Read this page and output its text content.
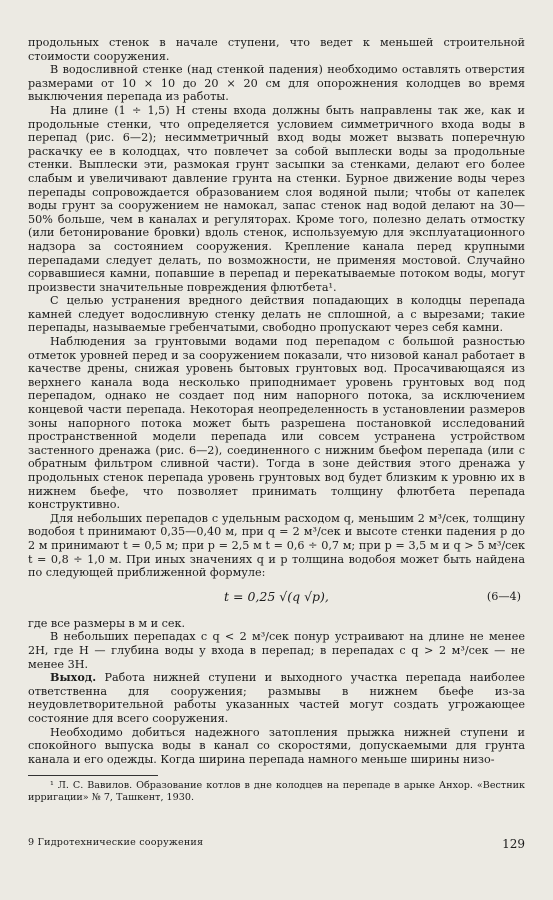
продольных стенок в начале ступени, что ведет к меньшей строительной стоимости сооружения.

В водосливной стенке (над стенкой падения) необходимо оставлять отверстия размерами от 10 × 10 до 20 × 20 см для опорожнения колодцев во время выключения перепада из работы.

На длине (1 ÷ 1,5) H стены входа должны быть направлены так же, как и продольные стенки, что определяется условием симметричного входа воды в перепад (рис. 6—2); несимметричный вход воды может вызвать поперечную раскачку ее в колодцах, что повлечет за собой выплески воды за продольные стенки. Выплески эти, размокая грунт засыпки за стенками, делают его более слабым и увеличивают давление грунта на стенки. Бурное движение воды через перепады сопровождается образованием слоя водяной пыли; чтобы от капелек воды грунт за сооружением не намокал, запас стенок над водой делают на 30—50% больше, чем в каналах и регуляторах. Кроме того, полезно делать отмостку (или бетонирование бровки) вдоль стенок, используемую для эксплуатационного надзора за состоянием сооружения. Крепление канала перед крупными перепадами следует делать, по возможности, не применяя мостовой. Случайно сорвавшиеся камни, попавшие в перепад и перекатываемые потоком воды, могут произвести значительные повреждения флютбета¹.

С целью устранения вредного действия попадающих в колодцы перепада камней следует водосливную стенку делать не сплошной, а с вырезами; такие перепады, называемые гребенчатыми, свободно пропускают через себя камни.

Наблюдения за грунтовыми водами под перепадом с большой разностью отметок уровней перед и за сооружением показали, что низовой канал работает в качестве дрены, снижая уровень бытовых грунтовых вод. Просачивающаяся из верхнего канала вода несколько приподнимает уровень грунтовых вод под перепадом, однако не создает под ним напорного потока, за исключением концевой части перепада. Некоторая неопределенность в установлении размеров зоны напорного потока может быть разрешена постановкой исследований пространственной модели перепада или совсем устранена устройством застенного дренажа (рис. 6—2), соединенного с нижним бьефом перепада (или с обратным фильтром сливной части). Тогда в зоне действия этого дренажа у продольных стенок перепада уровень грунтовых вод будет близким к уровню их в нижнем бьефе, что позволяет принимать толщину флютбета перепада конструктивно.

Для небольших перепадов с удельным расходом q, меньшим 2 м³/сек, толщину водобоя t принимают 0,35—0,40 м, при q = 2 м³/сек и высоте стенки падения p до 2 м принимают t = 0,5 м; при p = 2,5 м t = 0,6 ÷ 0,7 м; при p = 3,5 м и q > 5 м³/сек t = 0,8 ÷ 1,0 м. При иных значениях q и p толщина водобоя может быть найдена по следующей приближенной формуле:

t = 0,25 √(q √p),	(6—4)

где все размеры в м и сек.

В небольших перепадах с q < 2 м³/сек понур устраивают на длине не менее 2H, где H — глубина воды у входа в перепад; в перепадах с q > 2 м³/сек — не менее 3H.

Выход. Работа нижней ступени и выходного участка перепада наиболее ответственна для сооружения; размывы в нижнем бьефе из-за неудовлетворительной работы указанных частей могут создать угрожающее состояние для всего сооружения.

Необходимо добиться надежного затопления прыжка нижней ступени и спокойного выпуска воды в канал со скоростями, допускаемыми для грунта канала и его одежды. Когда ширина перепада намного меньше ширины низо-

¹ Л. С. Вавилов. Образование котлов в дне колодцев на перепаде в арыке Анхор. «Вестник ирригации» № 7, Ташкент, 1930.

9 Гидротехнические сооружения	129
